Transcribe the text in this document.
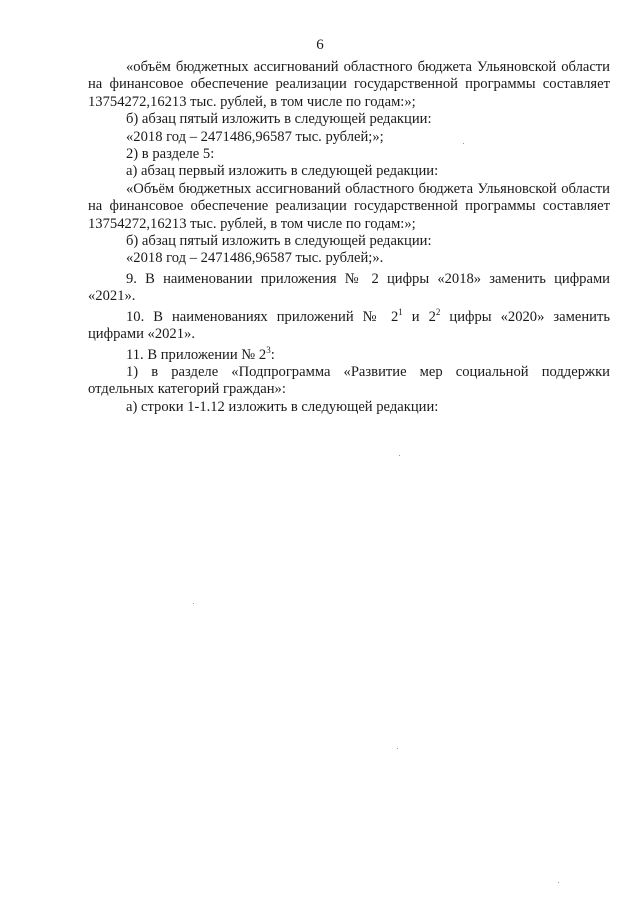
6

«объём бюджетных ассигнований областного бюджета Ульяновской области на финансовое обеспечение реализации государственной программы составляет 13754272,16213 тыс. рублей, в том числе по годам:»;

б) абзац пятый изложить в следующей редакции:

«2018 год – 2471486,96587 тыс. рублей;»;

2) в разделе 5:

а) абзац первый изложить в следующей редакции:

«Объём бюджетных ассигнований областного бюджета Ульяновской области на финансовое обеспечение реализации государственной программы составляет 13754272,16213 тыс. рублей, в том числе по годам:»;

б) абзац пятый изложить в следующей редакции:

«2018 год – 2471486,96587 тыс. рублей;».

9. В наименовании приложения № 2 цифры «2018» заменить цифрами «2021».

10. В наименованиях приложений № $2^1$ и $2^2$ цифры «2020» заменить цифрами «2021».

11. В приложении № $2^3$:

1) в разделе «Подпрограмма «Развитие мер социальной поддержки отдельных категорий граждан»:

а) строки 1-1.12 изложить в следующей редакции:
